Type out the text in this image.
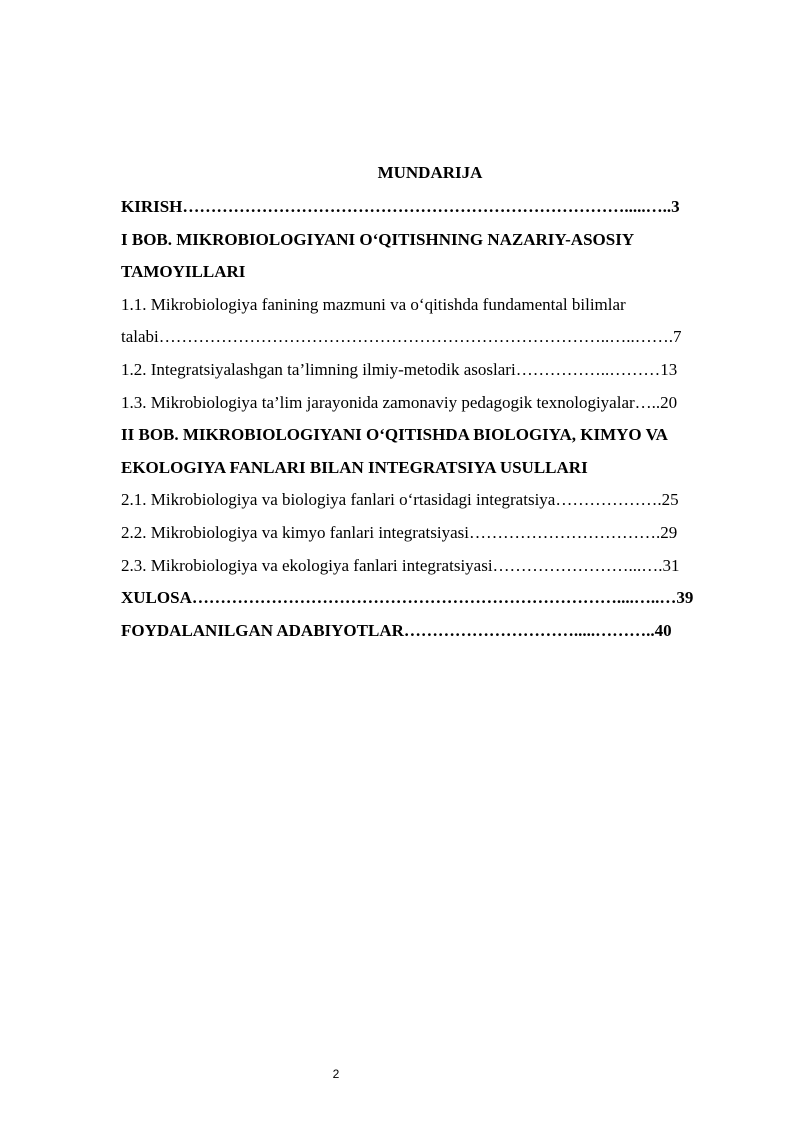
MUNDARIJA
KIRISH…………………………………………………………………….....…..3
I BOB. MIKROBIOLOGIYANI O‘QITISHNING NAZARIY-ASOSIY
TAMOYILLARI
1.1. Mikrobiologiya fanining mazmuni va o‘qitishda fundamental bilimlar
talabi……………………………………………………………………..…..…….7
1.2. Integratsiyalashgan ta’limning ilmiy-metodik asoslari……………..………13
1.3. Mikrobiologiya ta’lim jarayonida zamonaviy pedagogik texnologiyalar…..20
II BOB. MIKROBIOLOGIYANI O‘QITISHDA BIOLOGIYA, KIMYO VA
EKOLOGIYA FANLARI BILAN INTEGRATSIYA USULLARI
2.1. Mikrobiologiya va biologiya fanlari o‘rtasidagi integratsiya……………….25
2.2. Mikrobiologiya va kimyo fanlari integratsiyasi…………………………….29
2.3. Mikrobiologiya va ekologiya fanlari integratsiyasi……………………...….31
XULOSA…………………………………………………………………....…..…39
FOYDALANILGAN ADABIYOTLAR………………………….....………..40
2
